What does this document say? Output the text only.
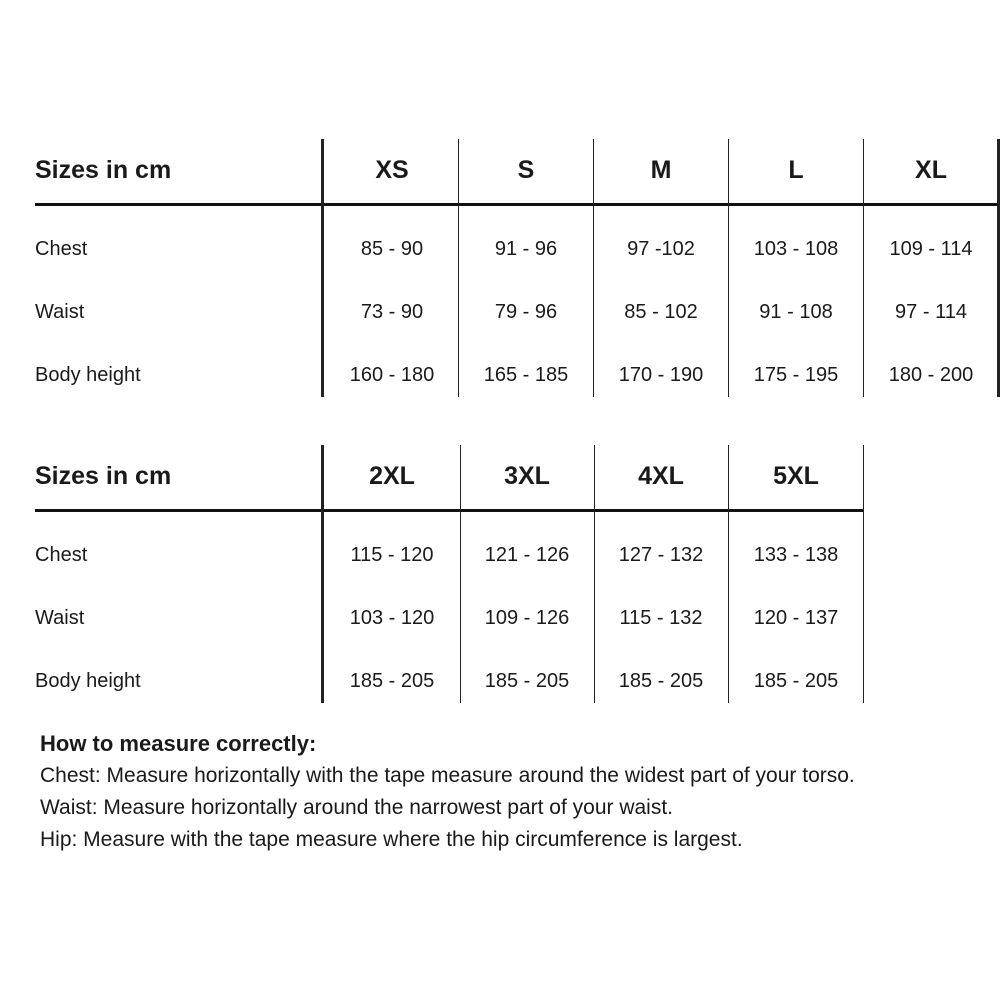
Sizes in cm	XS	S	M	L	XL
Chest	85 - 90	91 - 96	97 -102	103 - 108	109 - 114
Waist	73 - 90	79 - 96	85 - 102	91 - 108	97 - 114
Body height	160 - 180	165 - 185	170 - 190	175 - 195	180 - 200
Sizes in cm	2XL	3XL	4XL	5XL
Chest	115 - 120	121 - 126	127 - 132	133 - 138
Waist	103 - 120	109 - 126	115 - 132	120 - 137
Body height	185 - 205	185 - 205	185 - 205	185 - 205
How to measure correctly:
Chest: Measure horizontally with the tape measure around the widest part of your torso.
Waist: Measure horizontally around the narrowest part of your waist.
Hip: Measure with the tape measure where the hip circumference is largest.
